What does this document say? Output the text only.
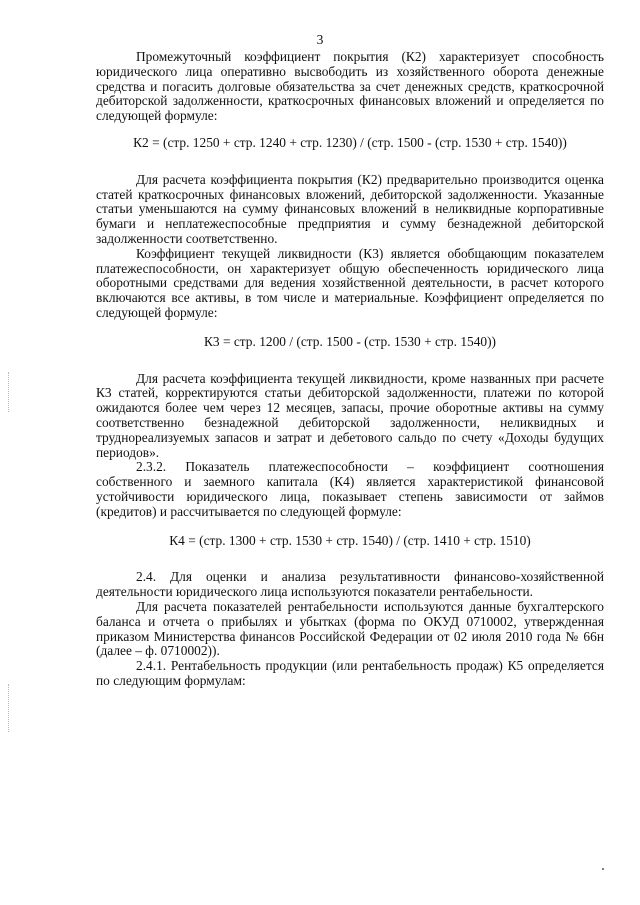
3

Промежуточный коэффициент покрытия (К2) характеризует способность юридического лица оперативно высвободить из хозяйственного оборота денежные средства и погасить долговые обязательства за счет денежных средств, краткосрочной дебиторской задолженности, краткосрочных финансовых вложений и определяется по следующей формуле:

К2 = (стр. 1250 + стр. 1240 + стр. 1230) / (стр. 1500 - (стр. 1530 + стр. 1540))

Для расчета коэффициента покрытия (К2) предварительно производится оценка статей краткосрочных финансовых вложений, дебиторской задолженности. Указанные статьи уменьшаются на сумму финансовых вложений в неликвидные корпоративные бумаги и неплатежеспособные предприятия и сумму безнадежной дебиторской задолженности соответственно.

Коэффициент текущей ликвидности (К3) является обобщающим показателем платежеспособности, он характеризует общую обеспеченность юридического лица оборотными средствами для ведения хозяйственной деятельности, в расчет которого включаются все активы, в том числе и материальные. Коэффициент определяется по следующей формуле:

К3 = стр. 1200 / (стр. 1500 - (стр. 1530 + стр. 1540))

Для расчета коэффициента текущей ликвидности, кроме названных при расчете К3 статей, корректируются статьи дебиторской задолженности, платежи по которой ожидаются более чем через 12 месяцев, запасы, прочие оборотные активы на сумму соответственно безнадежной дебиторской задолженности, неликвидных и труднореализуемых запасов и затрат и дебетового сальдо по счету «Доходы будущих периодов».

2.3.2. Показатель платежеспособности – коэффициент соотношения собственного и заемного капитала (К4) является характеристикой финансовой устойчивости юридического лица, показывает степень зависимости от займов (кредитов) и рассчитывается по следующей формуле:

К4 = (стр. 1300 + стр. 1530 + стр. 1540) / (стр. 1410 + стр. 1510)

2.4. Для оценки и анализа результативности финансово-хозяйственной деятельности юридического лица используются показатели рентабельности.

Для расчета показателей рентабельности используются данные бухгалтерского баланса и отчета о прибылях и убытках (форма по ОКУД 0710002, утвержденная приказом Министерства финансов Российской Федерации от 02 июля 2010 года № 66н (далее – ф. 0710002)).

2.4.1. Рентабельность продукции (или рентабельность продаж) К5 определяется по следующим формулам:
